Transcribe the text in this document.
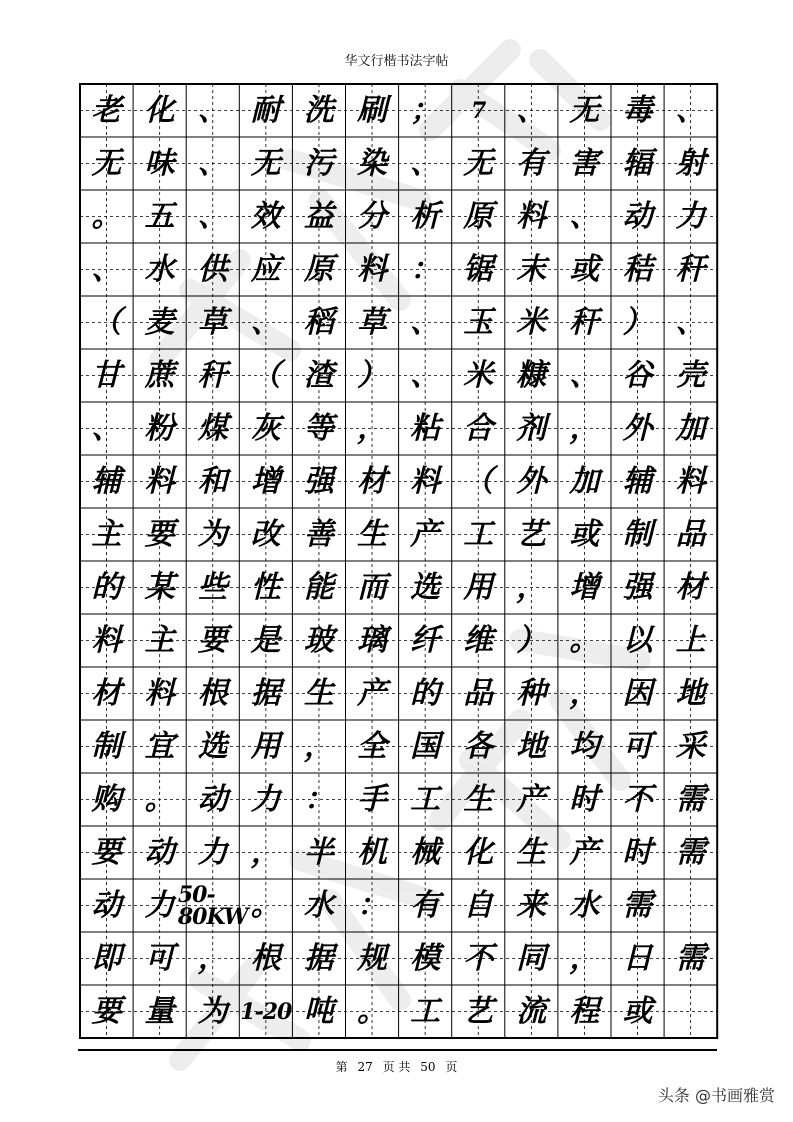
华文行楷书法字帖
老 化 、 耐 洗 刷 ；	7	、 无 毒 、
无 味 、 无 污 染 、 无 有 害 辐 射
。 五 、 效 益 分 析 原 料 、 动 力
、 水 供 应 原 料 ： 锯 末 或 秸 秆
（ 麦 草 、 稻 草 、 玉 米 秆 ） 、
甘 蔗 秆 （ 渣 ） 、 米 糠 、 谷 壳
、 粉 煤 灰 等 ， 粘 合 剂 ， 外 加
辅 料 和 增 强 材 料 （ 外 加 辅 料
主 要 为 改 善 生 产 工 艺 或 制 品
的 某 些 性 能 而 选 用 ， 增 强 材
料 主 要 是 玻 璃 纤 维 ） 。 以 上
材 料 根 据 生 产 的 品 种 ， 因 地
制 宜 选 用 ， 全 国 各 地 均 可 采
购 。 动 力 ： 手 工 生 产 时 不 需
要 动 力 ， 半 机 械 化 生 产 时 需
动 力 50-80KW 。 水 ： 有 自 来 水 需
即 可 ， 根 据 规 模 不 同 ， 日 需
要 量 为 1-20 吨 。 工 艺 流 程 或
第 27 页 共 50 页
头条 @书画雅赏
